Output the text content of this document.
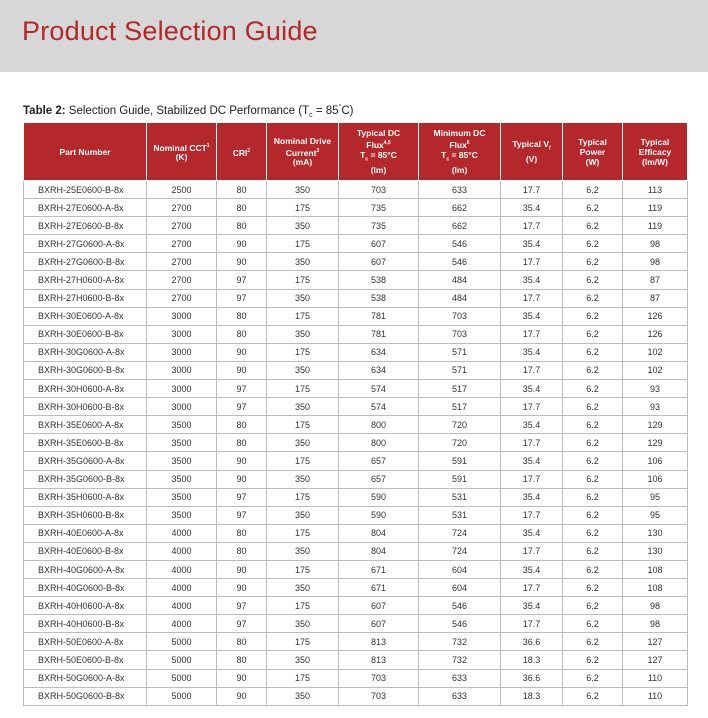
Product Selection Guide
Table 2: Selection Guide, Stabilized DC Performance $(T_c = 85^\circ C)$
Part Number	Nominal CCT$^1$
(K)	CRI$^2$	Nominal Drive
Current$^3$
(mA)	Typical DC
Flux$^{4,5}$
$T_c = 85^\circ C$
(lm)	Minimum DC
Flux$^6$
$T_c = 85^\circ C$
(lm)	Typical $V_f$
(V)	Typical
Power
(W)	Typical
Efficacy
(lm/W)
BXRH-25E0600-B-8x	2500	80	350	703	633	17.7	6.2	113
BXRH-27E0600-A-8x	2700	80	175	735	662	35.4	6.2	119
BXRH-27E0600-B-8x	2700	80	350	735	662	17.7	6.2	119
BXRH-27G0600-A-8x	2700	90	175	607	546	35.4	6.2	98
BXRH-27G0600-B-8x	2700	90	350	607	546	17.7	6.2	98
BXRH-27H0600-A-8x	2700	97	175	538	484	35.4	6.2	87
BXRH-27H0600-B-8x	2700	97	350	538	484	17.7	6.2	87
BXRH-30E0600-A-8x	3000	80	175	781	703	35.4	6.2	126
BXRH-30E0600-B-8x	3000	80	350	781	703	17.7	6.2	126
BXRH-30G0600-A-8x	3000	90	175	634	571	35.4	6.2	102
BXRH-30G0600-B-8x	3000	90	350	634	571	17.7	6.2	102
BXRH-30H0600-A-8x	3000	97	175	574	517	35.4	6.2	93
BXRH-30H0600-B-8x	3000	97	350	574	517	17.7	6.2	93
BXRH-35E0600-A-8x	3500	80	175	800	720	35.4	6.2	129
BXRH-35E0600-B-8x	3500	80	350	800	720	17.7	6.2	129
BXRH-35G0600-A-8x	3500	90	175	657	591	35.4	6.2	106
BXRH-35G0600-B-8x	3500	90	350	657	591	17.7	6.2	106
BXRH-35H0600-A-8x	3500	97	175	590	531	35.4	6.2	95
BXRH-35H0600-B-8x	3500	97	350	590	531	17.7	6.2	95
BXRH-40E0600-A-8x	4000	80	175	804	724	35.4	6.2	130
BXRH-40E0600-B-8x	4000	80	350	804	724	17.7	6.2	130
BXRH-40G0600-A-8x	4000	90	175	671	604	35.4	6.2	108
BXRH-40G0600-B-8x	4000	90	350	671	604	17.7	6.2	108
BXRH-40H0600-A-8x	4000	97	175	607	546	35.4	6.2	98
BXRH-40H0600-B-8x	4000	97	350	607	546	17.7	6.2	98
BXRH-50E0600-A-8x	5000	80	175	813	732	36.6	6.2	127
BXRH-50E0600-B-8x	5000	80	350	813	732	18.3	6.2	127
BXRH-50G0600-A-8x	5000	90	175	703	633	36.6	6.2	110
BXRH-50G0600-B-8x	5000	90	350	703	633	18.3	6.2	110
